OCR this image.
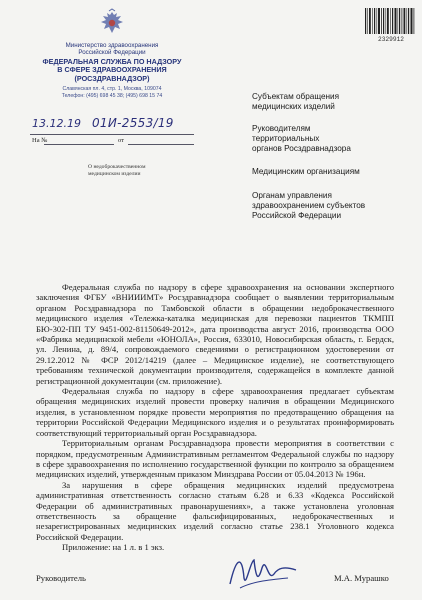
Министерство здравоохранения
Российской Федерации
ФЕДЕРАЛЬНАЯ СЛУЖБА ПО НАДЗОРУ
В СФЕРЕ ЗДРАВООХРАНЕНИЯ
(РОСЗДРАВНАДЗОР)
Славянская пл. 4, стр. 1, Москва, 109074
Телефон: (495) 698 45 38; (495) 698 15 74
13.12.19 01И-2553/19
На №	от
О недоброкачественном
медицинском изделии
2329912
Субъектам обращения
медицинских изделий
Руководителям
территориальных
органов Росздравнадзора
Медицинским организациям
Органам управления
здравоохранением субъектов
Российской Федерации

Федеральная служба по надзору в сфере здравоохранения на основании экспертного заключения ФГБУ «ВНИИИМТ» Росздравнадзора сообщает о выявлении территориальным органом Росздравнадзора по Тамбовской области в обращении недоброкачественного медицинского изделия «Тележка-каталка медицинская для перевозки пациентов ТКМПП БЮ-302-ПП ТУ 9451-002-81150649-2012», дата производства август 2016, производства ООО «Фабрика медицинской мебели «ЮНОЛА», Россия, 633010, Новосибирская область, г. Бердск, ул. Ленина, д. 89/4, сопровождаемого сведениями о регистрационном удостоверении от 29.12.2012 № ФСР 2012/14219 (далее – Медицинское изделие), не соответствующего требованиям технической документации производителя, содержащейся в комплекте данной регистрационной документации (см. приложение).

Федеральная служба по надзору в сфере здравоохранения предлагает субъектам обращения медицинских изделий провести проверку наличия в обращении Медицинского изделия, в установленном порядке провести мероприятия по предотвращению обращения на территории Российской Федерации Медицинского изделия и о результатах проинформировать соответствующий территориальный орган Росздравнадзора.

Территориальным органам Росздравнадзора провести мероприятия в соответствии с порядком, предусмотренным Административным регламентом Федеральной службы по надзору в сфере здравоохранения по исполнению государственной функции по контролю за обращением медицинских изделий, утвержденным приказом Минздрава России от 05.04.2013 № 196н.

За нарушения в сфере обращения медицинских изделий предусмотрена административная ответственность согласно статьям 6.28 и 6.33 «Кодекса Российской Федерации об административных правонарушениях», а также установлена уголовная ответственность за обращение фальсифицированных, недоброкачественных и незарегистрированных медицинских изделий согласно статье 238.1 Уголовного кодекса Российской Федерации.

Приложение: на 1 л. в 1 экз.

Руководитель	М.А. Мурашко
